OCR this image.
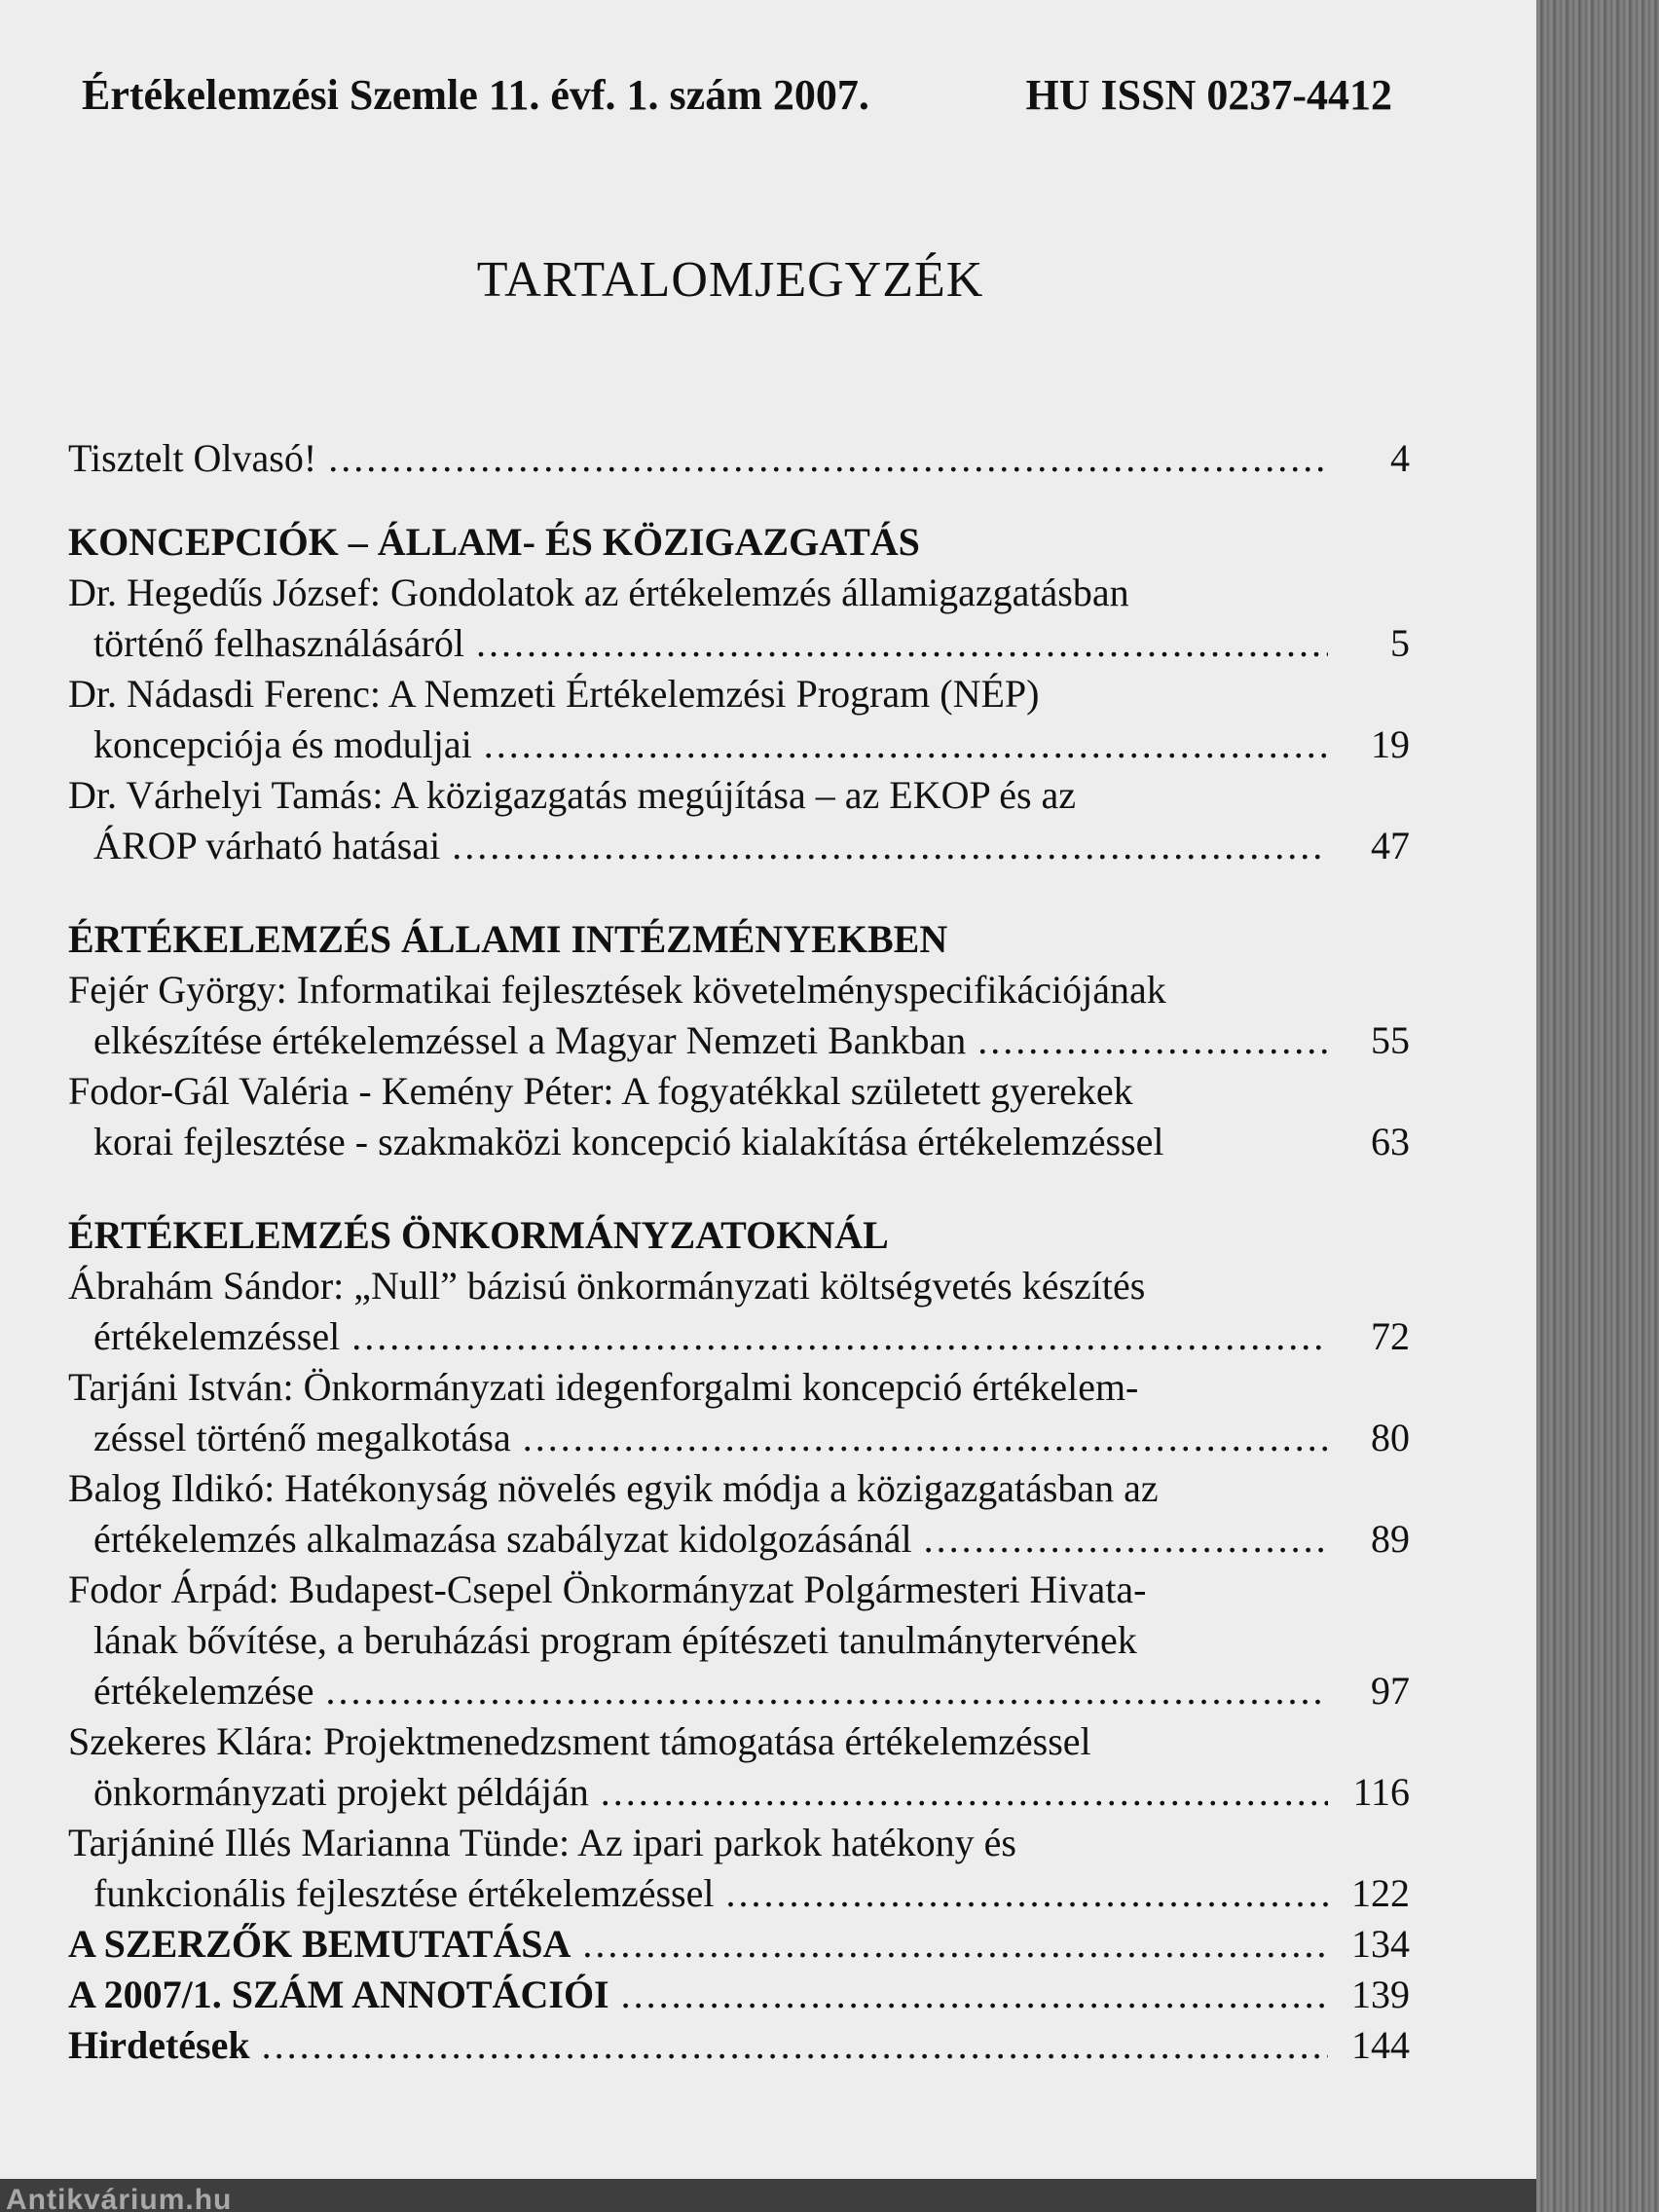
Értékelemzési Szemle 11. évf. 1. szám 2007.	HU ISSN 0237-4412
TARTALOMJEGYZÉK
Tisztelt Olvasó! .....	4
KONCEPCIÓK – ÁLLAM- ÉS KÖZIGAZGATÁS
Dr. Hegedűs József: Gondolatok az értékelemzés államigazgatásban
történő felhasználásáról .....	5
Dr. Nádasdi Ferenc: A Nemzeti Értékelemzési Program (NÉP)
koncepciója és moduljai .....	19
Dr. Várhelyi Tamás: A közigazgatás megújítása – az EKOP és az
ÁROP várható hatásai .....	47
ÉRTÉKELEMZÉS ÁLLAMI INTÉZMÉNYEKBEN
Fejér György: Informatikai fejlesztések követelményspecifikációjának
elkészítése értékelemzéssel a Magyar Nemzeti Bankban .....	55
Fodor-Gál Valéria - Kemény Péter: A fogyatékkal született gyerekek
korai fejlesztése - szakmaközi koncepció kialakítása értékelemzéssel	63
ÉRTÉKELEMZÉS ÖNKORMÁNYZATOKNÁL
Ábrahám Sándor: „Null” bázisú önkormányzati költségvetés készítés
értékelemzéssel .....	72
Tarjáni István: Önkormányzati idegenforgalmi koncepció értékelem-
zéssel történő megalkotása .....	80
Balog Ildikó: Hatékonyság növelés egyik módja a közigazgatásban az
értékelemzés alkalmazása szabályzat kidolgozásánál .....	89
Fodor Árpád: Budapest-Csepel Önkormányzat Polgármesteri Hivata-
lának bővítése, a beruházási program építészeti tanulmánytervének
értékelemzése .....	97
Szekeres Klára: Projektmenedzsment támogatása értékelemzéssel
önkormányzati projekt példáján .....	116
Tarjániné Illés Marianna Tünde: Az ipari parkok hatékony és
funkcionális fejlesztése értékelemzéssel .....	122
A SZERZŐK BEMUTATÁSA .....	134
A 2007/1. SZÁM ANNOTÁCIÓI .....	139
Hirdetések .....	144
Antikvárium.hu
